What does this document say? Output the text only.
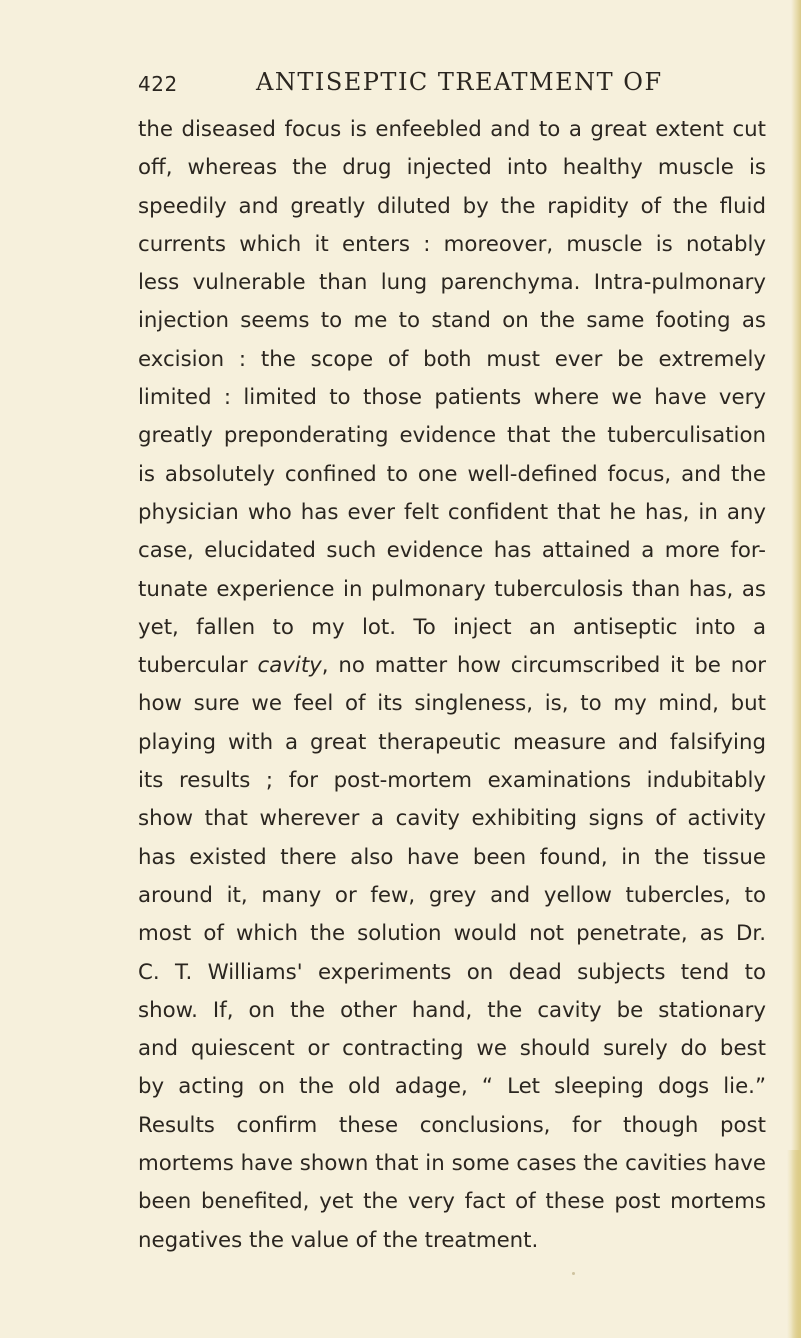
422	ANTISEPTIC TREATMENT OF
the diseased focus is enfeebled and to a great extent cut
off, whereas the drug injected into healthy muscle is
speedily and greatly diluted by the rapidity of the fluid
currents which it enters : moreover, muscle is notably
less vulnerable than lung parenchyma. Intra-pulmonary
injection seems to me to stand on the same footing as
excision : the scope of both must ever be extremely
limited : limited to those patients where we have very
greatly preponderating evidence that the tuberculisation
is absolutely confined to one well-defined focus, and the
physician who has ever felt confident that he has, in any
case, elucidated such evidence has attained a more for-
tunate experience in pulmonary tuberculosis than has, as
yet, fallen to my lot. To inject an antiseptic into a
tubercular cavity, no matter how circumscribed it be nor
how sure we feel of its singleness, is, to my mind, but
playing with a great therapeutic measure and falsifying
its results ; for post-mortem examinations indubitably
show that wherever a cavity exhibiting signs of activity
has existed there also have been found, in the tissue
around it, many or few, grey and yellow tubercles, to
most of which the solution would not penetrate, as Dr.
C. T. Williams' experiments on dead subjects tend to
show. If, on the other hand, the cavity be stationary
and quiescent or contracting we should surely do best
by acting on the old adage, “ Let sleeping dogs lie.”
Results confirm these conclusions, for though post
mortems have shown that in some cases the cavities have
been benefited, yet the very fact of these post mortems
negatives the value of the treatment.
